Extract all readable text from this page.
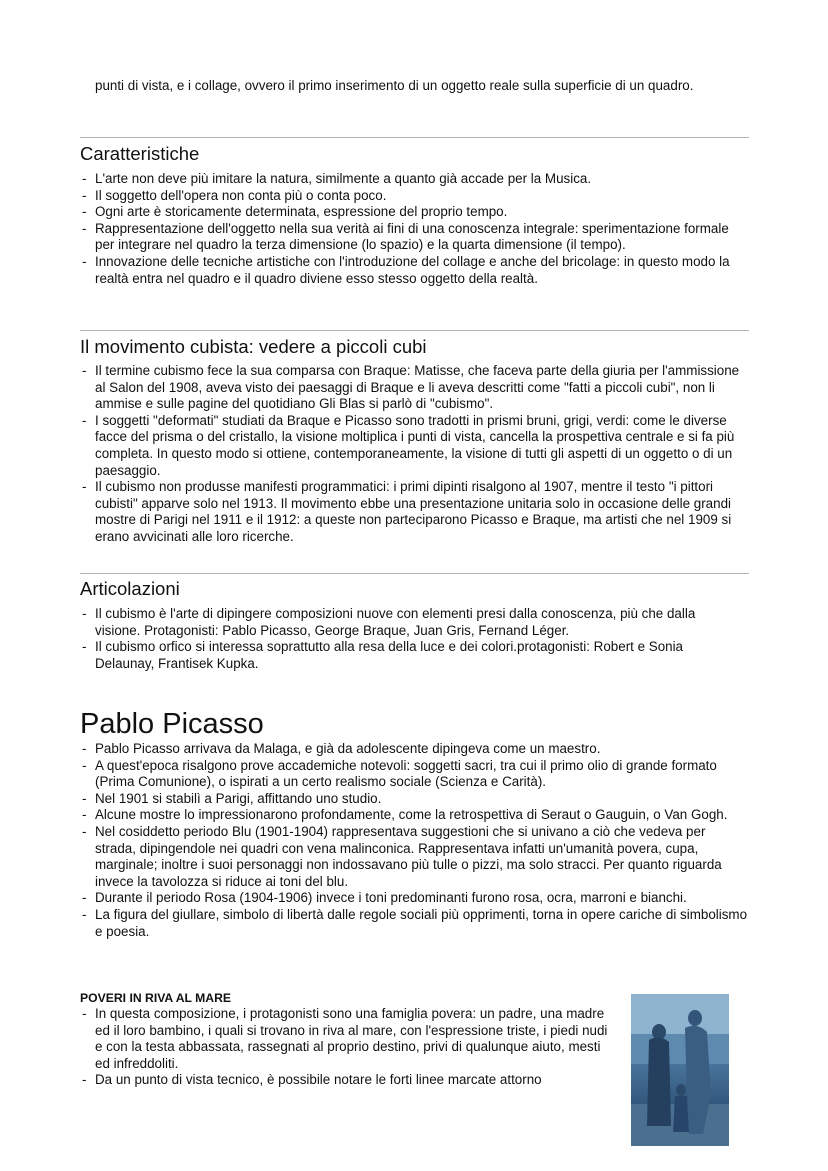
punti di vista, e i collage, ovvero il primo inserimento di un oggetto reale sulla superficie di un quadro.

Caratteristiche
- L'arte non deve più imitare la natura, similmente a quanto già accade per la Musica.
- Il soggetto dell'opera non conta più o conta poco.
- Ogni arte è storicamente determinata, espressione del proprio tempo.
- Rappresentazione dell'oggetto nella sua verità ai fini di una conoscenza integrale: sperimentazione formale per integrare nel quadro la terza dimensione (lo spazio) e la quarta dimensione (il tempo).
- Innovazione delle tecniche artistiche con l'introduzione del collage e anche del bricolage: in questo modo la realtà entra nel quadro e il quadro diviene esso stesso oggetto della realtà.
Il movimento cubista: vedere a piccoli cubi
- Il termine cubismo fece la sua comparsa con Braque: Matisse, che faceva parte della giuria per l'ammissione al Salon del 1908, aveva visto dei paesaggi di Braque e li aveva descritti come "fatti a piccoli cubi", non li ammise e sulle pagine del quotidiano Gli Blas si parlò di "cubismo".
- I soggetti "deformati" studiati da Braque e Picasso sono tradotti in prismi bruni, grigi, verdi: come le diverse facce del prisma o del cristallo, la visione moltiplica i punti di vista, cancella la prospettiva centrale e si fa più completa. In questo modo si ottiene, contemporaneamente, la visione di tutti gli aspetti di un oggetto o di un paesaggio.
- Il cubismo non produsse manifesti programmatici: i primi dipinti risalgono al 1907, mentre il testo "i pittori cubisti" apparve solo nel 1913. Il movimento ebbe una presentazione unitaria solo in occasione delle grandi mostre di Parigi nel 1911 e il 1912: a queste non parteciparono Picasso e Braque, ma artisti che nel 1909 si erano avvicinati alle loro ricerche.
Articolazioni
- Il cubismo è l'arte di dipingere composizioni nuove con elementi presi dalla conoscenza, più che dalla visione. Protagonisti: Pablo Picasso, George Braque, Juan Gris, Fernand Léger.
- Il cubismo orfico si interessa soprattutto alla resa della luce e dei colori.protagonisti: Robert e Sonia Delaunay, Frantisek Kupka.
Pablo Picasso
- Pablo Picasso arrivava da Malaga, e già da adolescente dipingeva come un maestro.
- A quest'epoca risalgono prove accademiche notevoli: soggetti sacri, tra cui il primo olio di grande formato (Prima Comunione), o ispirati a un certo realismo sociale (Scienza e Carità).
- Nel 1901 si stabilì a Parigi, affittando uno studio.
- Alcune mostre lo impressionarono profondamente, come la retrospettiva di Seraut o Gauguin, o Van Gogh.
- Nel cosiddetto periodo Blu (1901-1904) rappresentava suggestioni che si univano a ciò che vedeva per strada, dipingendole nei quadri con vena malinconica. Rappresentava infatti un'umanità povera, cupa, marginale; inoltre i suoi personaggi non indossavano più tulle o pizzi, ma solo stracci. Per quanto riguarda invece la tavolozza si riduce ai toni del blu.
- Durante il periodo Rosa (1904-1906) invece i toni predominanti furono rosa, ocra, marroni e bianchi.
- La figura del giullare, simbolo di libertà dalle regole sociali più opprimenti, torna in opere cariche di simbolismo e poesia.
POVERI IN RIVA AL MARE
- In questa composizione, i protagonisti sono una famiglia povera: un padre, una madre ed il loro bambino, i quali si trovano in riva al mare, con l'espressione triste, i piedi nudi e con la testa abbassata, rassegnati al proprio destino, privi di qualunque aiuto, mesti ed infreddoliti.
- Da un punto di vista tecnico, è possibile notare le forti linee marcate attorno
